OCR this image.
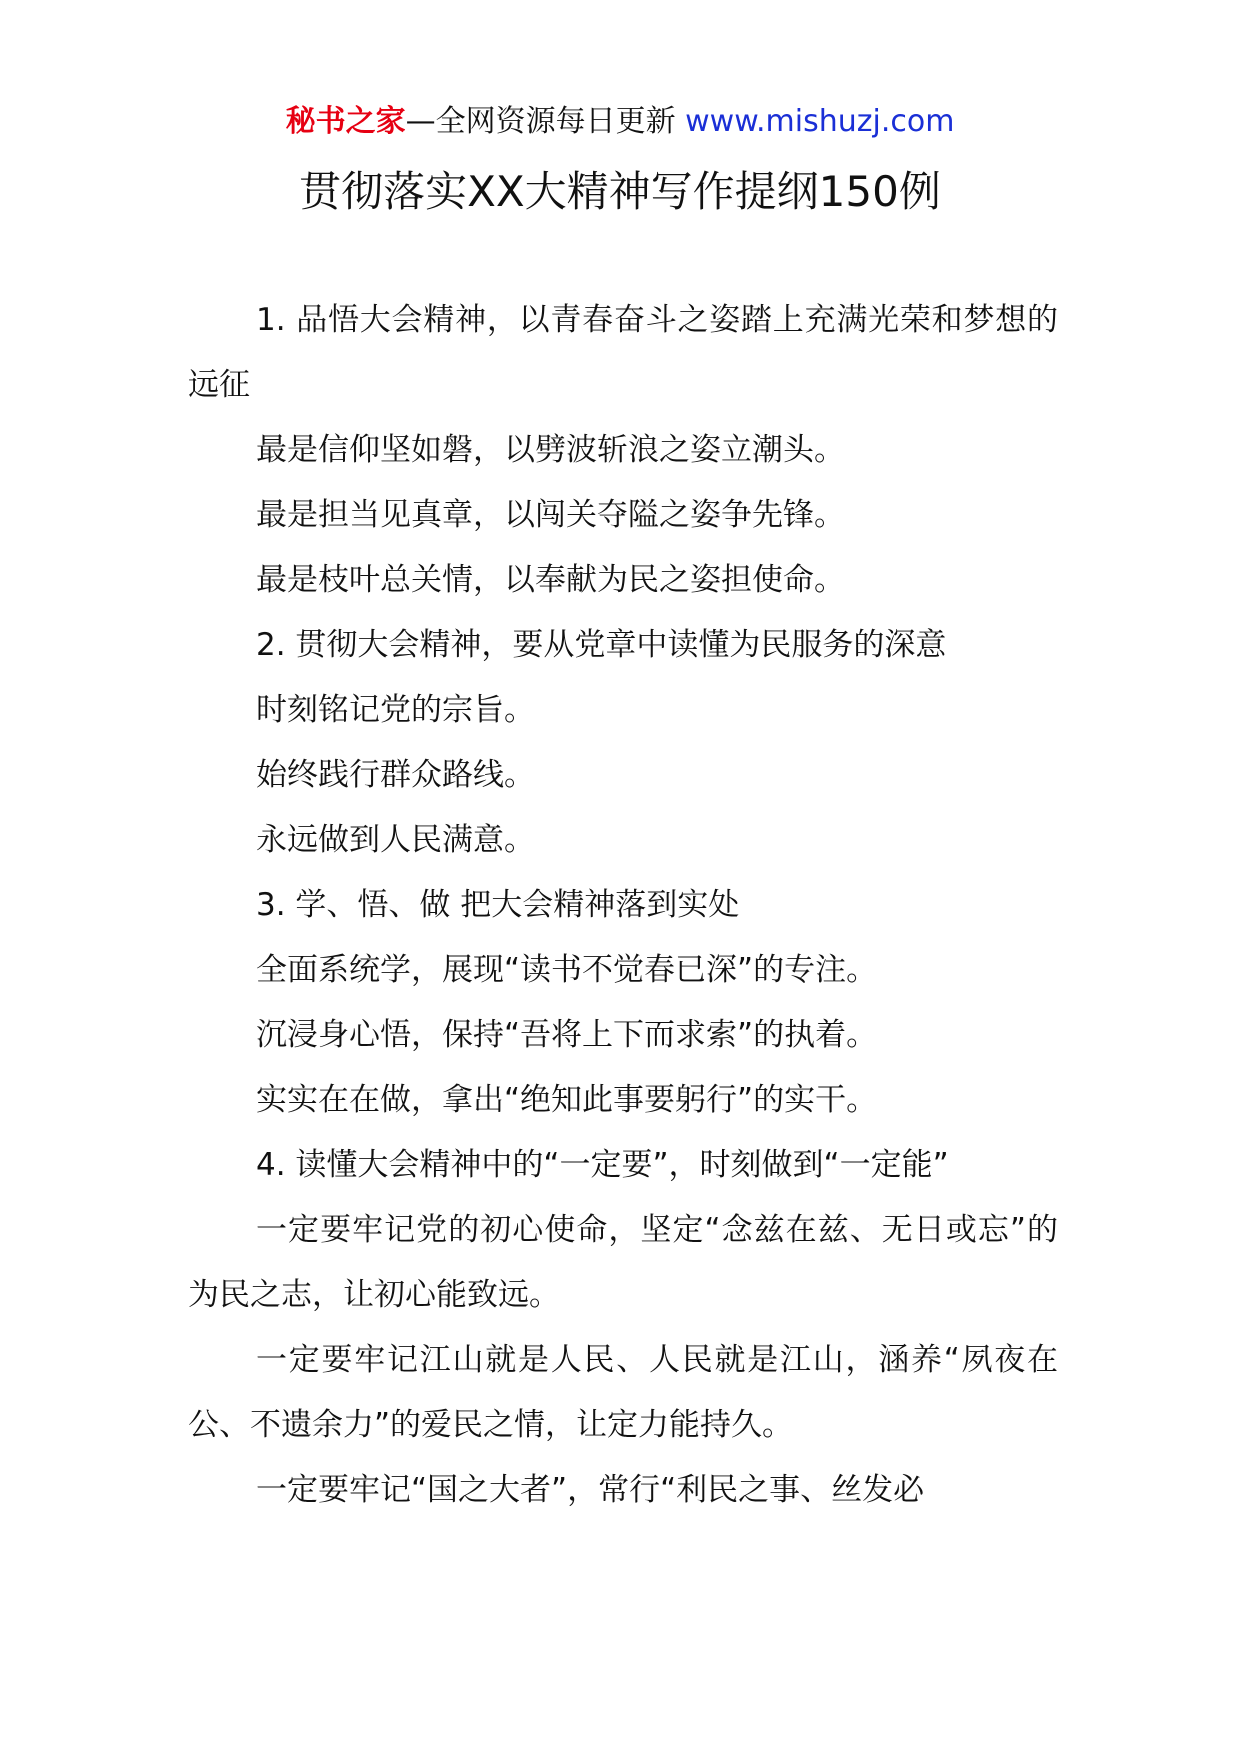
秘书之家—全网资源每日更新 www.mishuzj.com
贯彻落实XX大精神写作提纲150例

1. 品悟大会精神，以青春奋斗之姿踏上充满光荣和梦想的远征

最是信仰坚如磐，以劈波斩浪之姿立潮头。

最是担当见真章，以闯关夺隘之姿争先锋。

最是枝叶总关情，以奉献为民之姿担使命。

2. 贯彻大会精神，要从党章中读懂为民服务的深意

时刻铭记党的宗旨。

始终践行群众路线。

永远做到人民满意。

3. 学、悟、做 把大会精神落到实处

全面系统学，展现“读书不觉春已深”的专注。

沉浸身心悟，保持“吾将上下而求索”的执着。

实实在在做，拿出“绝知此事要躬行”的实干。

4. 读懂大会精神中的“一定要”，时刻做到“一定能”

一定要牢记党的初心使命，坚定“念兹在兹、无日或忘”的为民之志，让初心能致远。

一定要牢记江山就是人民、人民就是江山，涵养“夙夜在公、不遗余力”的爱民之情，让定力能持久。

一定要牢记“国之大者”，常行“利民之事、丝发必
